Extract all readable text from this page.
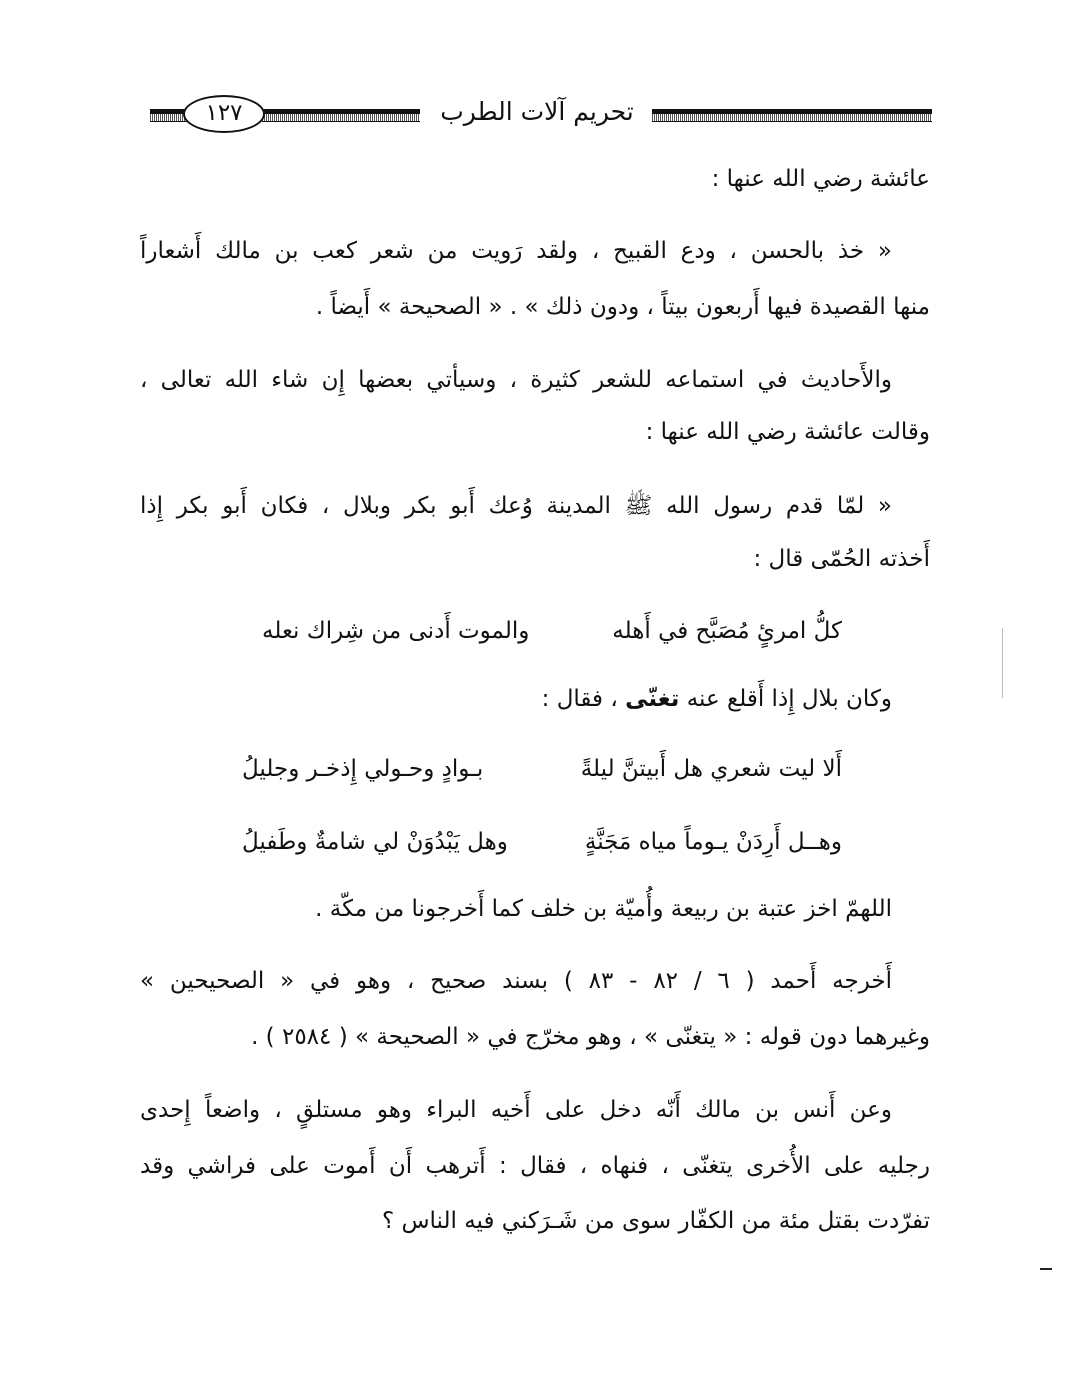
١٢٧	تحريم آلات الطرب
عائشة رضي الله عنها :
« خذ بالحسن ، ودع القبيح ، ولقد رَويت من شعر كعب بن مالك أَشعاراً
منها القصيدة فيها أَربعون بيتاً ، ودون ذلك » . « الصحيحة » أَيضاً .
والأَحاديث في استماعه للشعر كثيرة ، وسيأتي بعضها إِن شاء الله تعالى ،
وقالت عائشة رضي الله عنها :
« لمّا قدم رسول الله ﷺ المدينة وُعك أَبو بكر وبلال ، فكان أَبو بكر إِذا
أَخذته الحُمّى قال :
كلُّ امرئٍ مُصَبَّح في أَهله
والموت أَدنى من شِراك نعله
وكان بلال إِذا أَقلع عنه تغنّى ، فقال :
أَلا ليت شعري هل أَبيتنَّ ليلةً
بـوادٍ وحـولي إِذخـر وجليلُ
وهــل أَرِدَنْ يـوماً مياه مَجَنَّةٍ
وهل يَبْدُوَنْ لي شامةٌ وطَفيلُ
اللهمّ اخز عتبة بن ربيعة وأُميّة بن خلف كما أَخرجونا من مكّة .
أَخرجه أَحمد ( ٦ / ٨٢ - ٨٣ ) بسند صحيح ، وهو في « الصحيحين »
وغيرهما دون قوله : « يتغنّى » ، وهو مخرّج في « الصحيحة » ( ٢٥٨٤ ) .
وعن أَنس بن مالك أَنّه دخل على أَخيه البراء وهو مستلقٍ ، واضعاً إِحدى
رجليه على الأُخرى يتغنّى ، فنهاه ، فقال : أَترهب أَن أَموت على فراشي وقد
تفرّدت بقتل مئة من الكفّار سوى من شَـرَكني فيه الناس ؟
